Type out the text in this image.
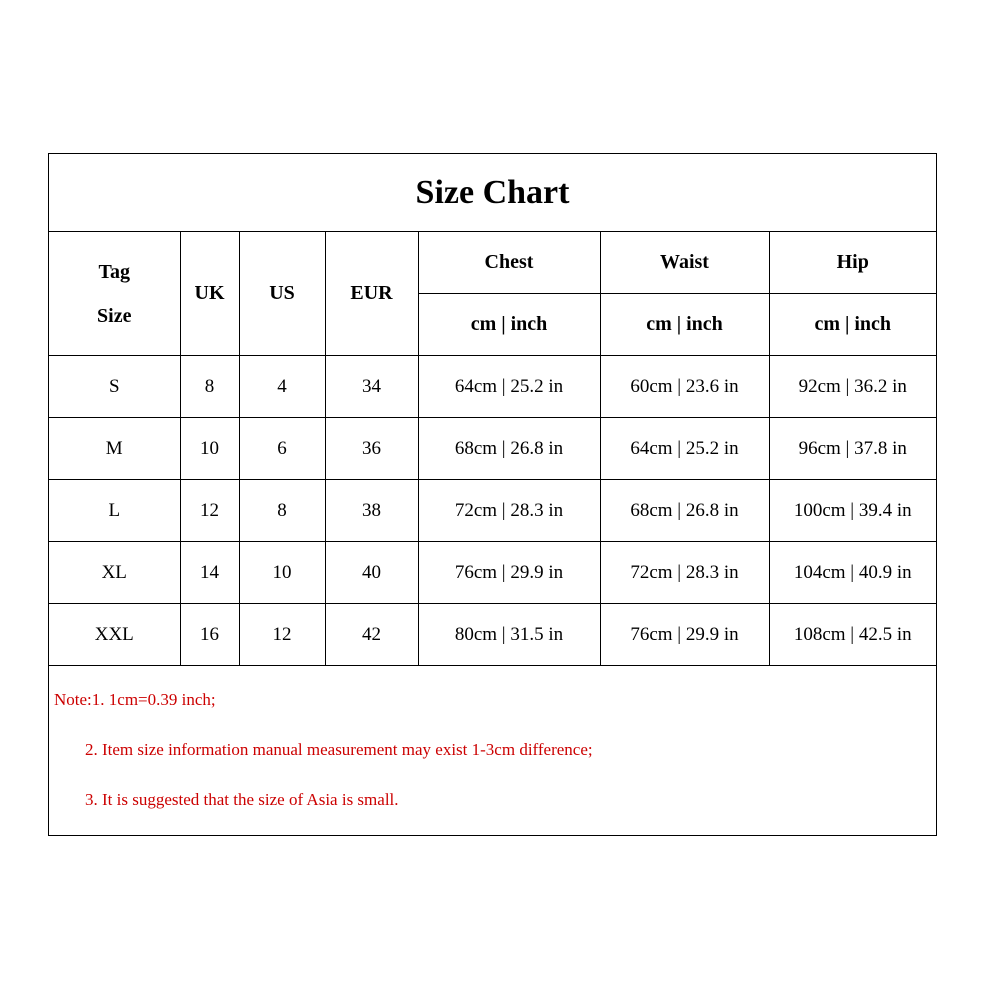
Size Chart
Tag
Size	UK	US	EUR	Chest	Waist	Hip
				cm | inch	cm | inch	cm | inch
S	8	4	34	64cm | 25.2 in	60cm | 23.6 in	92cm | 36.2 in
M	10	6	36	68cm | 26.8 in	64cm | 25.2 in	96cm | 37.8 in
L	12	8	38	72cm | 28.3 in	68cm | 26.8 in	100cm | 39.4 in
XL	14	10	40	76cm | 29.9 in	72cm | 28.3 in	104cm | 40.9 in
XXL	16	12	42	80cm | 31.5 in	76cm | 29.9 in	108cm | 42.5 in

Note:1. 1cm=0.39 inch;

2. Item size information manual measurement may exist 1-3cm difference;

3. It is suggested that the size of Asia is small.
